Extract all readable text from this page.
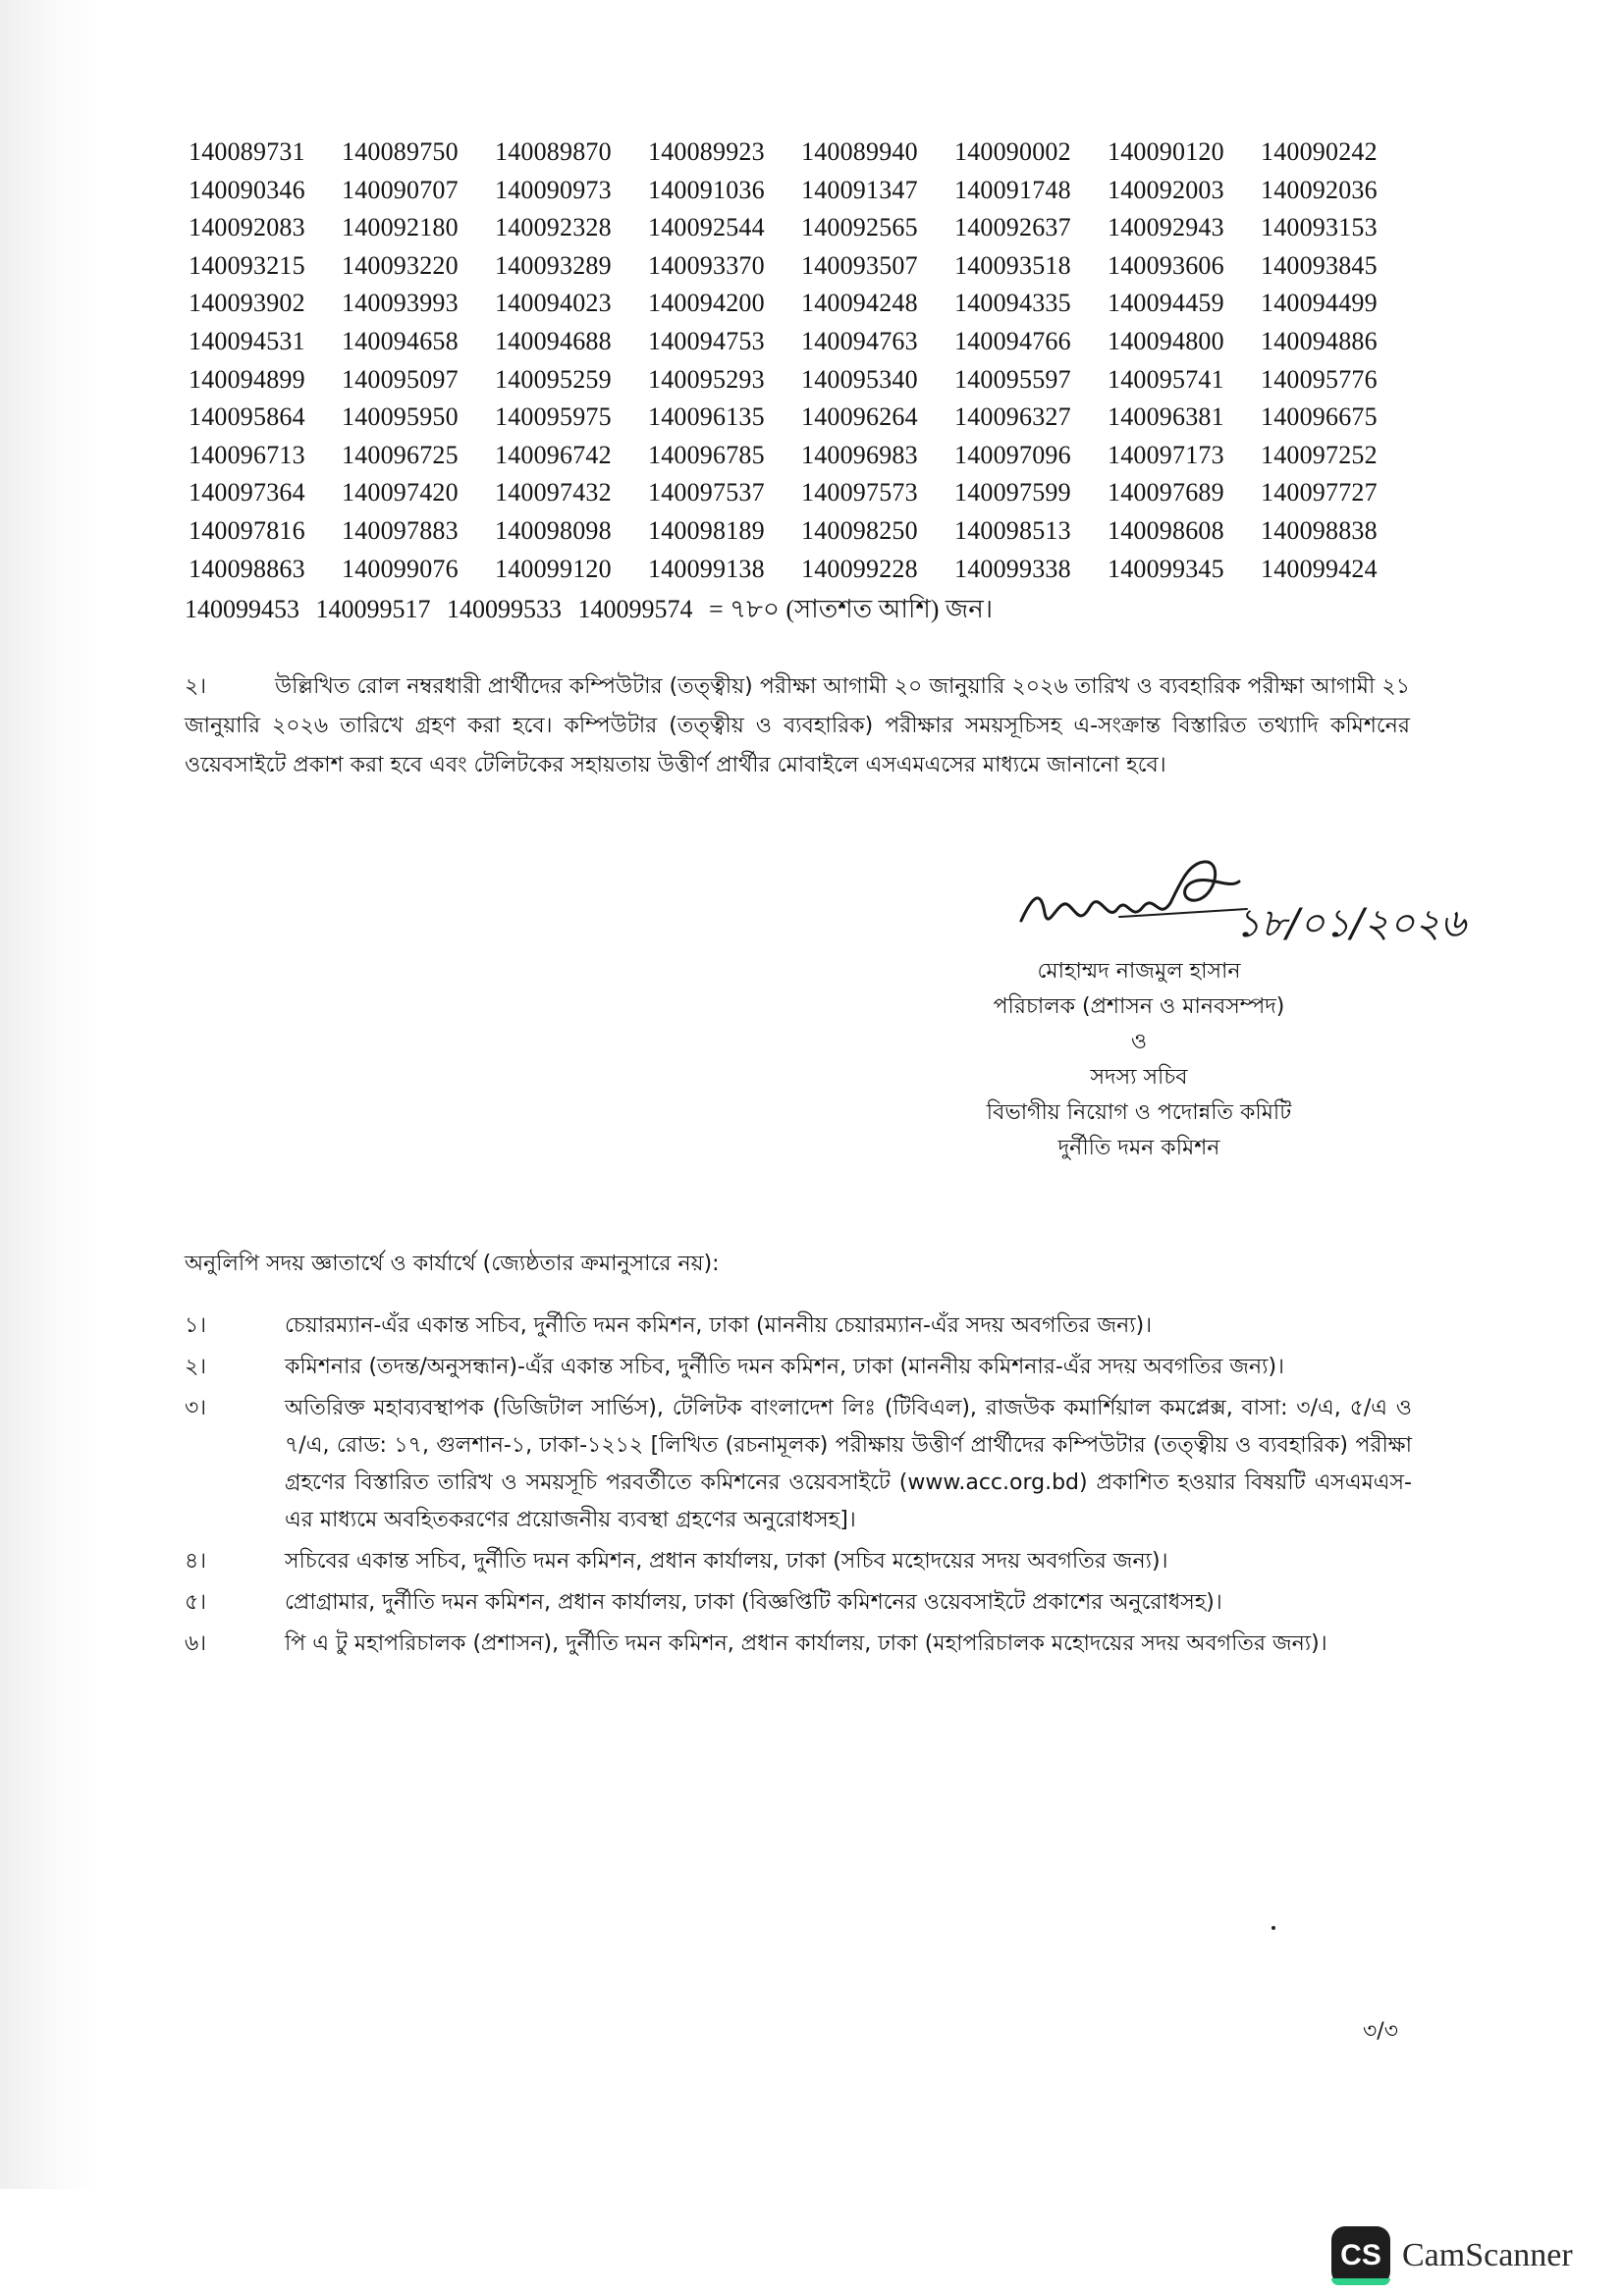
140089731	140089750	140089870	140089923	140089940	140090002	140090120	140090242
140090346	140090707	140090973	140091036	140091347	140091748	140092003	140092036
140092083	140092180	140092328	140092544	140092565	140092637	140092943	140093153
140093215	140093220	140093289	140093370	140093507	140093518	140093606	140093845
140093902	140093993	140094023	140094200	140094248	140094335	140094459	140094499
140094531	140094658	140094688	140094753	140094763	140094766	140094800	140094886
140094899	140095097	140095259	140095293	140095340	140095597	140095741	140095776
140095864	140095950	140095975	140096135	140096264	140096327	140096381	140096675
140096713	140096725	140096742	140096785	140096983	140097096	140097173	140097252
140097364	140097420	140097432	140097537	140097573	140097599	140097689	140097727
140097816	140097883	140098098	140098189	140098250	140098513	140098608	140098838
140098863	140099076	140099120	140099138	140099228	140099338	140099345	140099424
140099453 140099517 140099533 140099574 = ৭৮০ (সাতশত আশি) জন।
২।	উল্লিখিত রোল নম্বরধারী প্রার্থীদের কম্পিউটার (তত্ত্বীয়) পরীক্ষা আগামী ২০ জানুয়ারি ২০২৬ তারিখ ও ব্যবহারিক পরীক্ষা আগামী ২১ জানুয়ারি ২০২৬ তারিখে গ্রহণ করা হবে। কম্পিউটার (তত্ত্বীয় ও ব্যবহারিক) পরীক্ষার সময়সূচিসহ এ-সংক্রান্ত বিস্তারিত তথ্যাদি কমিশনের ওয়েবসাইটে প্রকাশ করা হবে এবং টেলিটকের সহায়তায় উত্তীর্ণ প্রার্থীর মোবাইলে এসএমএসের মাধ্যমে জানানো হবে।
১৮/০১/২০২৬
মোহাম্মদ নাজমুল হাসান
পরিচালক (প্রশাসন ও মানবসম্পদ)
ও
সদস্য সচিব
বিভাগীয় নিয়োগ ও পদোন্নতি কমিটি
দুর্নীতি দমন কমিশন
অনুলিপি সদয় জ্ঞাতার্থে ও কার্যার্থে (জ্যেষ্ঠতার ক্রমানুসারে নয়):
১।	চেয়ারম্যান-এঁর একান্ত সচিব, দুর্নীতি দমন কমিশন, ঢাকা (মাননীয় চেয়ারম্যান-এঁর সদয় অবগতির জন্য)।
২।	কমিশনার (তদন্ত/অনুসন্ধান)-এঁর একান্ত সচিব, দুর্নীতি দমন কমিশন, ঢাকা (মাননীয় কমিশনার-এঁর সদয় অবগতির জন্য)।
৩।	অতিরিক্ত মহাব্যবস্থাপক (ডিজিটাল সার্ভিস), টেলিটক বাংলাদেশ লিঃ (টিবিএল), রাজউক কমার্শিয়াল কমপ্লেক্স, বাসা: ৩/এ, ৫/এ ও ৭/এ, রোড: ১৭, গুলশান-১, ঢাকা-১২১২ [লিখিত (রচনামূলক) পরীক্ষায় উত্তীর্ণ প্রার্থীদের কম্পিউটার (তত্ত্বীয় ও ব্যবহারিক) পরীক্ষা গ্রহণের বিস্তারিত তারিখ ও সময়সূচি পরবর্তীতে কমিশনের ওয়েবসাইটে (www.acc.org.bd) প্রকাশিত হওয়ার বিষয়টি এসএমএস-এর মাধ্যমে অবহিতকরণের প্রয়োজনীয় ব্যবস্থা গ্রহণের অনুরোধসহ]।
৪।	সচিবের একান্ত সচিব, দুর্নীতি দমন কমিশন, প্রধান কার্যালয়, ঢাকা (সচিব মহোদয়ের সদয় অবগতির জন্য)।
৫।	প্রোগ্রামার, দুর্নীতি দমন কমিশন, প্রধান কার্যালয়, ঢাকা (বিজ্ঞপ্তিটি কমিশনের ওয়েবসাইটে প্রকাশের অনুরোধসহ)।
৬।	পি এ টু মহাপরিচালক (প্রশাসন), দুর্নীতি দমন কমিশন, প্রধান কার্যালয়, ঢাকা (মহাপরিচালক মহোদয়ের সদয় অবগতির জন্য)।
৩/৩
CS CamScanner
